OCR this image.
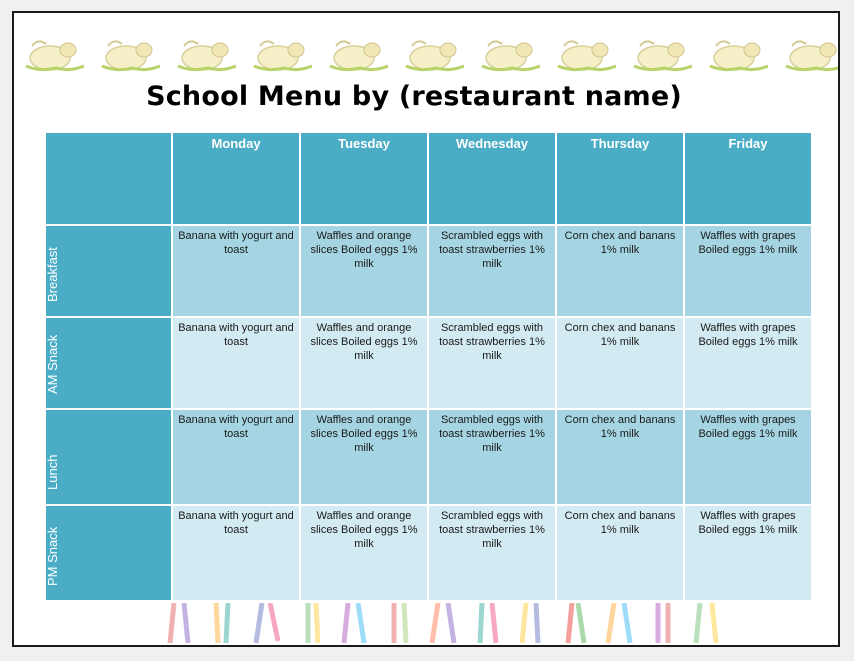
School Menu by (restaurant name)
	Monday	Tuesday	Wednesday	Thursday	Friday

Breakfast	Banana with yogurt and toast	Waffles and orange slices Boiled eggs 1% milk	Scrambled eggs with toast strawberries 1% milk	Corn chex and banans 1% milk	Waffles with grapes Boiled eggs 1% milk

AM Snack	Banana with yogurt and toast	Waffles and orange slices Boiled eggs 1% milk	Scrambled eggs with toast strawberries 1% milk	Corn chex and banans 1% milk	Waffles with grapes Boiled eggs 1% milk

Lunch	Banana with yogurt and toast	Waffles and orange slices Boiled eggs 1% milk	Scrambled eggs with toast strawberries 1% milk	Corn chex and banans 1% milk	Waffles with grapes Boiled eggs 1% milk

PM Snack	Banana with yogurt and toast	Waffles and orange slices Boiled eggs 1% milk	Scrambled eggs with toast strawberries 1% milk	Corn chex and banans 1% milk	Waffles with grapes Boiled eggs 1% milk
